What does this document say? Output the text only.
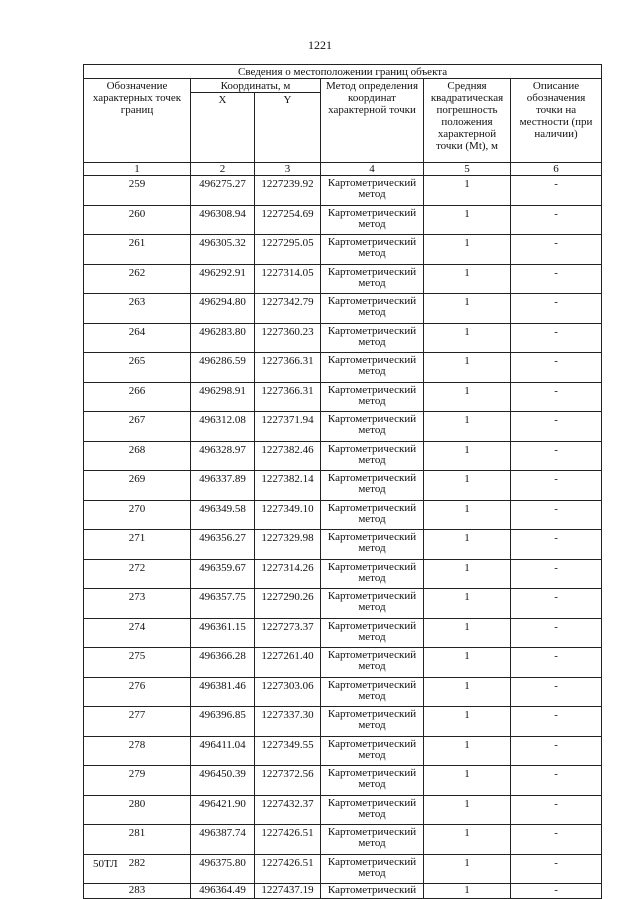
1221
Сведения о местоположении границ объекта					
Обозначение характерных точек границ	Координаты, м		Метод определения координат характерной точки	Средняя квадратическая погрешность положения характерной точки (Mt), м	Описание обозначения точки на местности (при наличии)
	X	Y			
1	2	3	4	5	6
259	496275.27	1227239.92	Картометрический метод	1	-
260	496308.94	1227254.69	Картометрический метод	1	-
261	496305.32	1227295.05	Картометрический метод	1	-
262	496292.91	1227314.05	Картометрический метод	1	-
263	496294.80	1227342.79	Картометрический метод	1	-
264	496283.80	1227360.23	Картометрический метод	1	-
265	496286.59	1227366.31	Картометрический метод	1	-
266	496298.91	1227366.31	Картометрический метод	1	-
267	496312.08	1227371.94	Картометрический метод	1	-
268	496328.97	1227382.46	Картометрический метод	1	-
269	496337.89	1227382.14	Картометрический метод	1	-
270	496349.58	1227349.10	Картометрический метод	1	-
271	496356.27	1227329.98	Картометрический метод	1	-
272	496359.67	1227314.26	Картометрический метод	1	-
273	496357.75	1227290.26	Картометрический метод	1	-
274	496361.15	1227273.37	Картометрический метод	1	-
275	496366.28	1227261.40	Картометрический метод	1	-
276	496381.46	1227303.06	Картометрический метод	1	-
277	496396.85	1227337.30	Картометрический метод	1	-
278	496411.04	1227349.55	Картометрический метод	1	-
279	496450.39	1227372.56	Картометрический метод	1	-
280	496421.90	1227432.37	Картометрический метод	1	-
281	496387.74	1227426.51	Картометрический метод	1	-
282	496375.80	1227426.51	Картометрический метод	1	-
283	496364.49	1227437.19	Картометрический	1	-
50ТЛ
